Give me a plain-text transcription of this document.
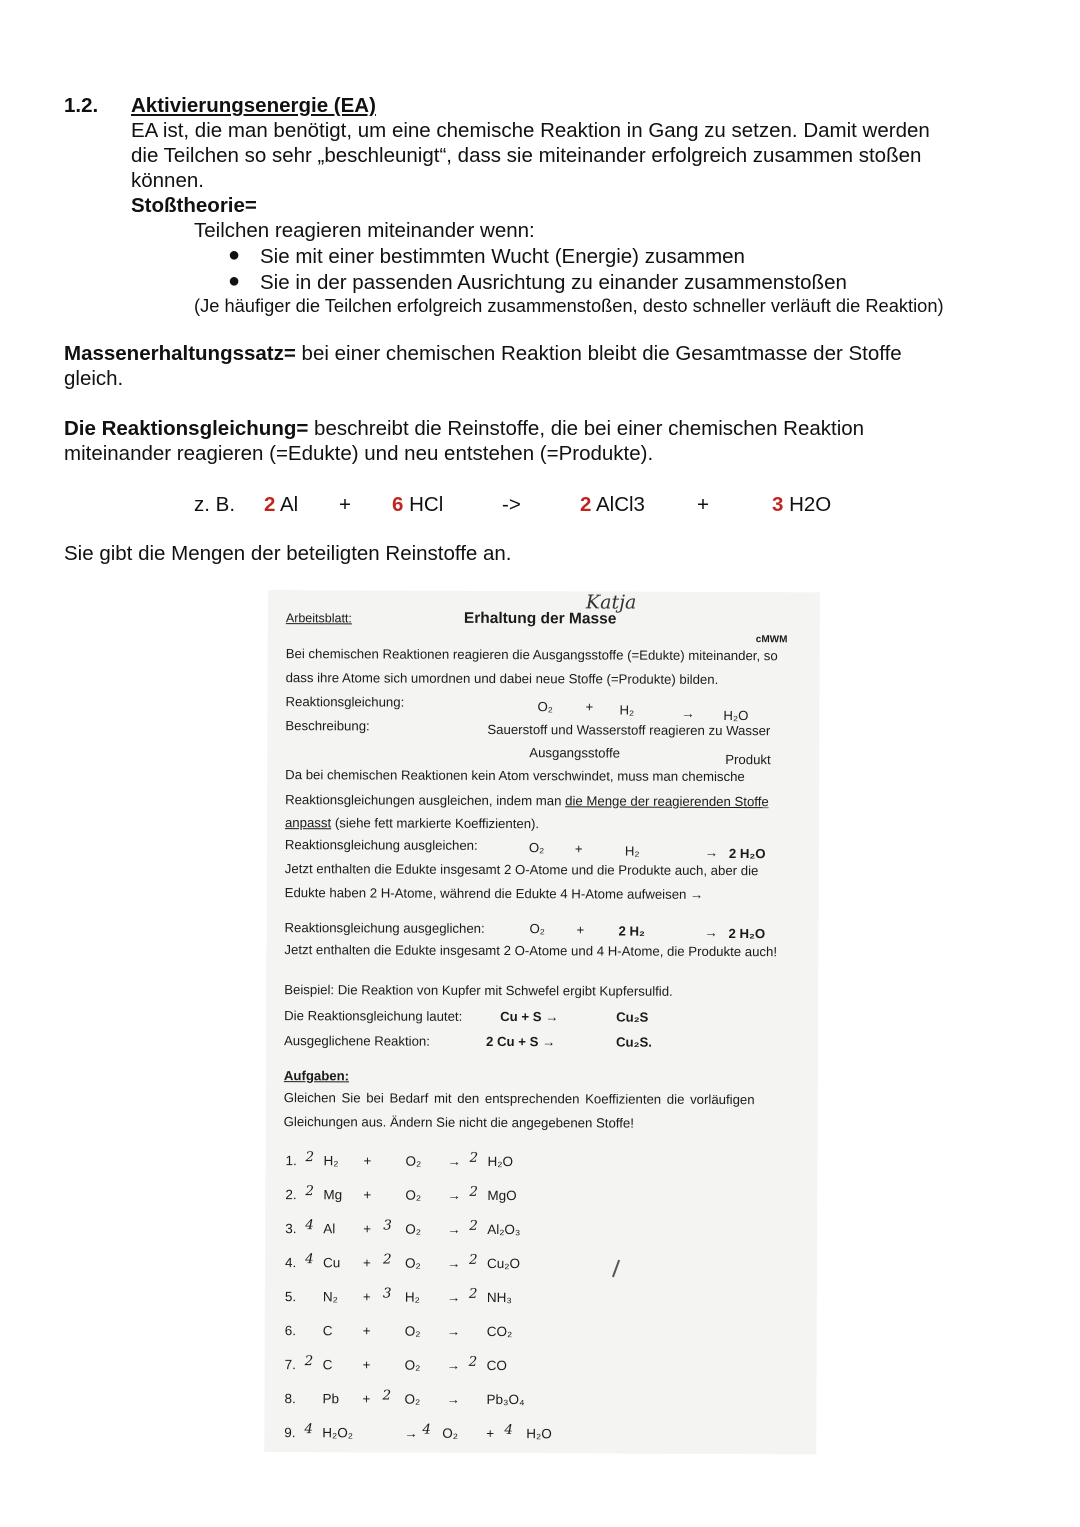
1.2. Aktivierungsenergie (EA)
EA ist, die man benötigt, um eine chemische Reaktion in Gang zu setzen. Damit werden
die Teilchen so sehr „beschleunigt“, dass sie miteinander erfolgreich zusammen stoßen
können.
Stoßtheorie=
Teilchen reagieren miteinander wenn:
● Sie mit einer bestimmten Wucht (Energie) zusammen
● Sie in der passenden Ausrichtung zu einander zusammenstoßen
(Je häufiger die Teilchen erfolgreich zusammenstoßen, desto schneller verläuft die Reaktion)
Massenerhaltungssatz= bei einer chemischen Reaktion bleibt die Gesamtmasse der Stoffe
gleich.
Die Reaktionsgleichung= beschreibt die Reinstoffe, die bei einer chemischen Reaktion
miteinander reagieren (=Edukte) und neu entstehen (=Produkte).
z. B. 2 Al + 6 HCl	->	2 AlCl3	+	3 H2O
Sie gibt die Mengen der beteiligten Reinstoffe an.
Arbeitsblatt:
Katja
Erhaltung der Masse
cMWM
Bei chemischen Reaktionen reagieren die Ausgangsstoffe (=Edukte) miteinander, so
dass ihre Atome sich umordnen und dabei neue Stoffe (=Produkte) bilden.
Reaktionsgleichung:	O₂ + H₂	→ H₂O
Beschreibung:	Sauerstoff und Wasserstoff reagieren zu Wasser
Ausgangsstoffe	Produkt
Da bei chemischen Reaktionen kein Atom verschwindet, muss man chemische
Reaktionsgleichungen ausgleichen, indem man die Menge der reagierenden Stoffe
anpasst (siehe fett markierte Koeffizienten).
Reaktionsgleichung ausgleichen:	O₂ +	H₂	→ 2 H₂O
Jetzt enthalten die Edukte insgesamt 2 O-Atome und die Produkte auch, aber die
Edukte haben 2 H-Atome, während die Edukte 4 H-Atome aufweisen →
Reaktionsgleichung ausgeglichen:	O₂ +	2 H₂	→ 2 H₂O
Jetzt enthalten die Edukte insgesamt 2 O-Atome und 4 H-Atome, die Produkte auch!
Beispiel: Die Reaktion von Kupfer mit Schwefel ergibt Kupfersulfid.
Die Reaktionsgleichung lautet:	Cu + S →	Cu₂S
Ausgeglichene Reaktion:	2 Cu + S →	Cu₂S.
Aufgaben:
Gleichen Sie bei Bedarf mit den entsprechenden Koeffizienten die vorläufigen
Gleichungen aus. Ändern Sie nicht die angegebenen Stoffe!
1. 2 H₂ +	O₂ → 2 H₂O
2. 2 Mg +	O₂ → 2 MgO
3. 4 Al + 3 O₂ → 2 Al₂O₃
4. 4 Cu + 2 O₂ → 2 Cu₂O
5. N₂ + 3 H₂ → 2 NH₃
6. C +	O₂ → CO₂
7. 2 C +	O₂ → 2 CO
8. Pb + 2 O₂ → Pb₃O₄
9. 4 H₂O₂	→ 4 O₂ + 4 H₂O
